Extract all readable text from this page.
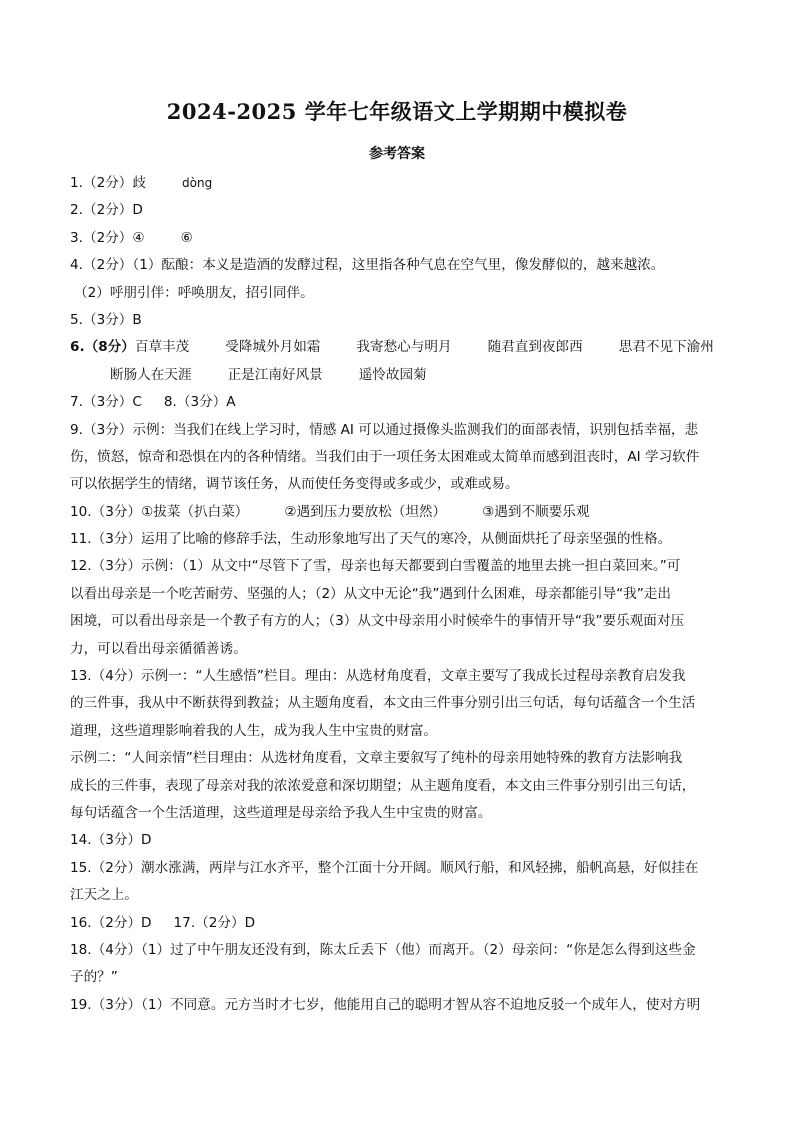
2024-2025 学年七年级语文上学期期中模拟卷
参考答案
1.（2分）歧	dòng
2.（2分）D
3.（2分）④	⑥
4.（2分）（1）酝酿：本义是造酒的发酵过程，这里指各种气息在空气里，像发酵似的，越来越浓。
（2）呼朋引伴：呼唤朋友，招引同伴。
5.（3分）B
6.（8分）百草丰茂	受降城外月如霜	我寄愁心与明月	随君直到夜郎西	思君不见下渝州
断肠人在天涯	正是江南好风景	遥怜故园菊
7.（3分）C 8.（3分）A
9.（3分）示例：当我们在线上学习时，情感 AI 可以通过摄像头监测我们的面部表情，识别包括幸福，悲
伤，愤怒，惊奇和恐惧在内的各种情绪。当我们由于一项任务太困难或太简单而感到沮丧时，AI 学习软件
可以依据学生的情绪，调节该任务，从而使任务变得或多或少，或难或易。
10.（3分）①拔菜（扒白菜）	②遇到压力要放松（坦然）	③遇到不顺要乐观
11.（3分）运用了比喻的修辞手法，生动形象地写出了天气的寒冷，从侧面烘托了母亲坚强的性格。
12.（3分）示例：（1）从文中“尽管下了雪，母亲也每天都要到白雪覆盖的地里去挑一担白菜回来。”可
以看出母亲是一个吃苦耐劳、坚强的人；（2）从文中无论“我”遇到什么困难，母亲都能引导“我”走出
困境，可以看出母亲是一个教子有方的人；（3）从文中母亲用小时候牵牛的事情开导“我”要乐观面对压
力，可以看出母亲循循善诱。
13.（4分）示例一：“人生感悟”栏目。理由：从选材角度看，文章主要写了我成长过程母亲教育启发我
的三件事，我从中不断获得到教益；从主题角度看，本文由三件事分别引出三句话，每句话蕴含一个生活
道理，这些道理影响着我的人生，成为我人生中宝贵的财富。
示例二：“人间亲情”栏目理由：从选材角度看，文章主要叙写了纯朴的母亲用她特殊的教育方法影响我
成长的三件事，表现了母亲对我的浓浓爱意和深切期望；从主题角度看，本文由三件事分别引出三句话，
每句话蕴含一个生活道理，这些道理是母亲给予我人生中宝贵的财富。
14.（3分）D
15.（2分）潮水涨满，两岸与江水齐平，整个江面十分开阔。顺风行船，和风轻拂，船帆高悬，好似挂在
江天之上。
16.（2分）D 17.（2分）D
18.（4分）（1）过了中午朋友还没有到，陈太丘丢下（他）而离开。（2）母亲问：“你是怎么得到这些金
子的？”
19.（3分）（1）不同意。元方当时才七岁，他能用自己的聪明才智从容不迫地反驳一个成年人，使对方明
